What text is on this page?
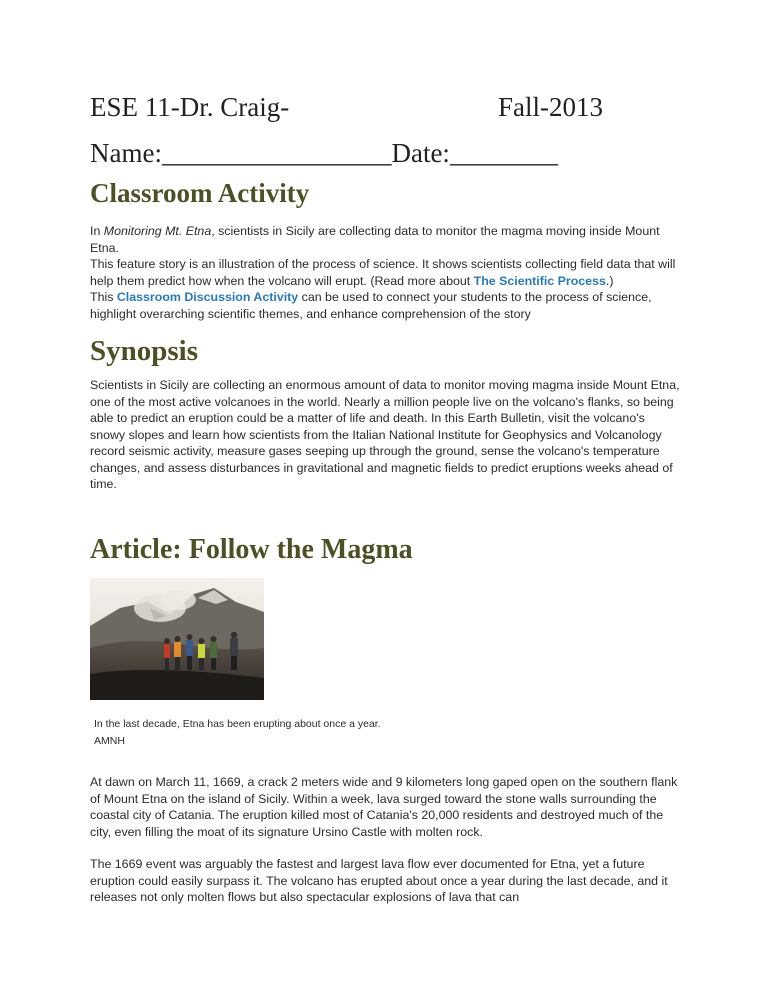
ESE 11-Dr. Craig-	Fall-2013
Name:_________________Date:________
Classroom Activity

In Monitoring Mt. Etna, scientists in Sicily are collecting data to monitor the magma moving inside Mount Etna.

This feature story is an illustration of the process of science. It shows scientists collecting field data that will help them predict how when the volcano will erupt. (Read more about The Scientific Process.)

This Classroom Discussion Activity can be used to connect your students to the process of science, highlight overarching scientific themes, and enhance comprehension of the story

Synopsis

Scientists in Sicily are collecting an enormous amount of data to monitor moving magma inside Mount Etna, one of the most active volcanoes in the world. Nearly a million people live on the volcano's flanks, so being able to predict an eruption could be a matter of life and death. In this Earth Bulletin, visit the volcano's snowy slopes and learn how scientists from the Italian National Institute for Geophysics and Volcanology record seismic activity, measure gases seeping up through the ground, sense the volcano's temperature changes, and assess disturbances in gravitational and magnetic fields to predict eruptions weeks ahead of time.

Article: Follow the Magma
In the last decade, Etna has been erupting about once a year.
AMNH

At dawn on March 11, 1669, a crack 2 meters wide and 9 kilometers long gaped open on the southern flank of Mount Etna on the island of Sicily. Within a week, lava surged toward the stone walls surrounding the coastal city of Catania. The eruption killed most of Catania's 20,000 residents and destroyed much of the city, even filling the moat of its signature Ursino Castle with molten rock.

The 1669 event was arguably the fastest and largest lava flow ever documented for Etna, yet a future eruption could easily surpass it. The volcano has erupted about once a year during the last decade, and it releases not only molten flows but also spectacular explosions of lava that can
